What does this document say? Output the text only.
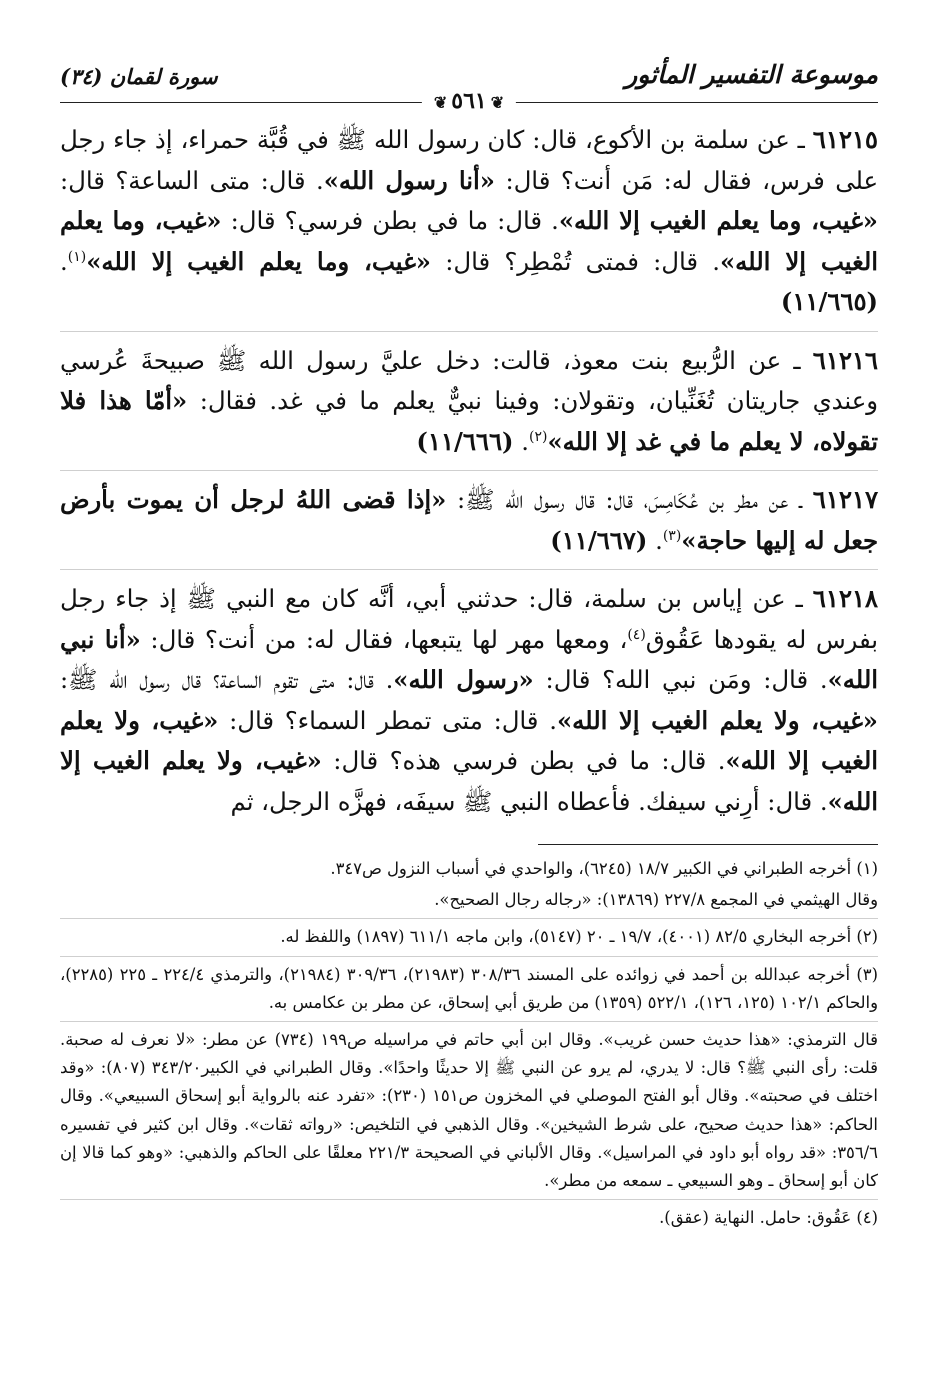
موسوعة التفسير المأثور
سورة لقمان (٣٤)
❦٥٦١❦

٦١٢١٥ ـ عن سلمة بن الأكوع، قال: كان رسول الله ﷺ في قُبَّة حمراء، إذ جاء رجل على فرس، فقال له: مَن أنت؟ قال: «أنا رسول الله». قال: متى الساعة؟ قال: «غيب، وما يعلم الغيب إلا الله». قال: ما في بطن فرسي؟ قال: «غيب، وما يعلم الغيب إلا الله». قال: فمتى تُمْطِر؟ قال: «غيب، وما يعلم الغيب إلا الله»$^{(١)}$. (١١/٦٦٥)

٦١٢١٦ ـ عن الرُّبيع بنت معوذ، قالت: دخل عليَّ رسول الله ﷺ صبيحةَ عُرسي وعندي جاريتان تُغَنِّيان، وتقولان: وفينا نبيٌّ يعلم ما في غد. فقال: «أمّا هذا فلا تقولاه، لا يعلم ما في غد إلا الله»$^{(٢)}$. (١١/٦٦٦)

٦١٢١٧ ـ عن مطر بن عُكَامِسَ، قال: قال رسول الله ﷺ: «إذا قضى اللهُ لرجل أن يموت بأرض جعل له إليها حاجة»$^{(٣)}$. (١١/٦٦٧)

٦١٢١٨ ـ عن إياس بن سلمة، قال: حدثني أبي، أنَّه كان مع النبي ﷺ إذ جاء رجل بفرس له يقودها عَقُوق$^{(٤)}$، ومعها مهر لها يتبعها، فقال له: من أنت؟ قال: «أنا نبي الله». قال: ومَن نبي الله؟ قال: «رسول الله». قال: متى تقوم الساعة؟ قال رسول الله ﷺ: «غيب، ولا يعلم الغيب إلا الله». قال: متى تمطر السماء؟ قال: «غيب، ولا يعلم الغيب إلا الله». قال: ما في بطن فرسي هذه؟ قال: «غيب، ولا يعلم الغيب إلا الله». قال: أرِني سيفك. فأعطاه النبي ﷺ سيفَه، فهزَّه الرجل، ثم

(١) أخرجه الطبراني في الكبير ١٨/٧ (٦٢٤٥)، والواحدي في أسباب النزول ص٣٤٧.

وقال الهيثمي في المجمع ٢٢٧/٨ (١٣٨٦٩): «رجاله رجال الصحيح».

(٢) أخرجه البخاري ٨٢/٥ (٤٠٠١)، ١٩/٧ ـ ٢٠ (٥١٤٧)، وابن ماجه ٦١١/١ (١٨٩٧) واللفظ له.

(٣) أخرجه عبدالله بن أحمد في زوائده على المسند ٣٠٨/٣٦ (٢١٩٨٣)، ٣٠٩/٣٦ (٢١٩٨٤)، والترمذي ٢٢٤/٤ ـ ٢٢٥ (٢٢٨٥)، والحاكم ١٠٢/١ (١٢٥، ١٢٦)، ٥٢٢/١ (١٣٥٩) من طريق أبي إسحاق، عن مطر بن عكامس به.

قال الترمذي: «هذا حديث حسن غريب». وقال ابن أبي حاتم في مراسيله ص١٩٩ (٧٣٤) عن مطر: «لا نعرف له صحبة. قلت: رأى النبي ﷺ؟ قال: لا يدري، لم يرو عن النبي ﷺ إلا حديثًا واحدًا». وقال الطبراني في الكبير٣٤٣/٢٠ (٨٠٧): «وقد اختلف في صحبته». وقال أبو الفتح الموصلي في المخزون ص١٥١ (٢٣٠): «تفرد عنه بالرواية أبو إسحاق السبيعي». وقال الحاكم: «هذا حديث صحيح، على شرط الشيخين». وقال الذهبي في التلخيص: «رواته ثقات». وقال ابن كثير في تفسيره ٣٥٦/٦: «قد رواه أبو داود في المراسيل». وقال الألباني في الصحيحة ٢٢١/٣ معلقًا على الحاكم والذهبي: «وهو كما قالا إن كان أبو إسحاق ـ وهو السبيعي ـ سمعه من مطر».

(٤) عَقُوق: حامل. النهاية (عقق).
